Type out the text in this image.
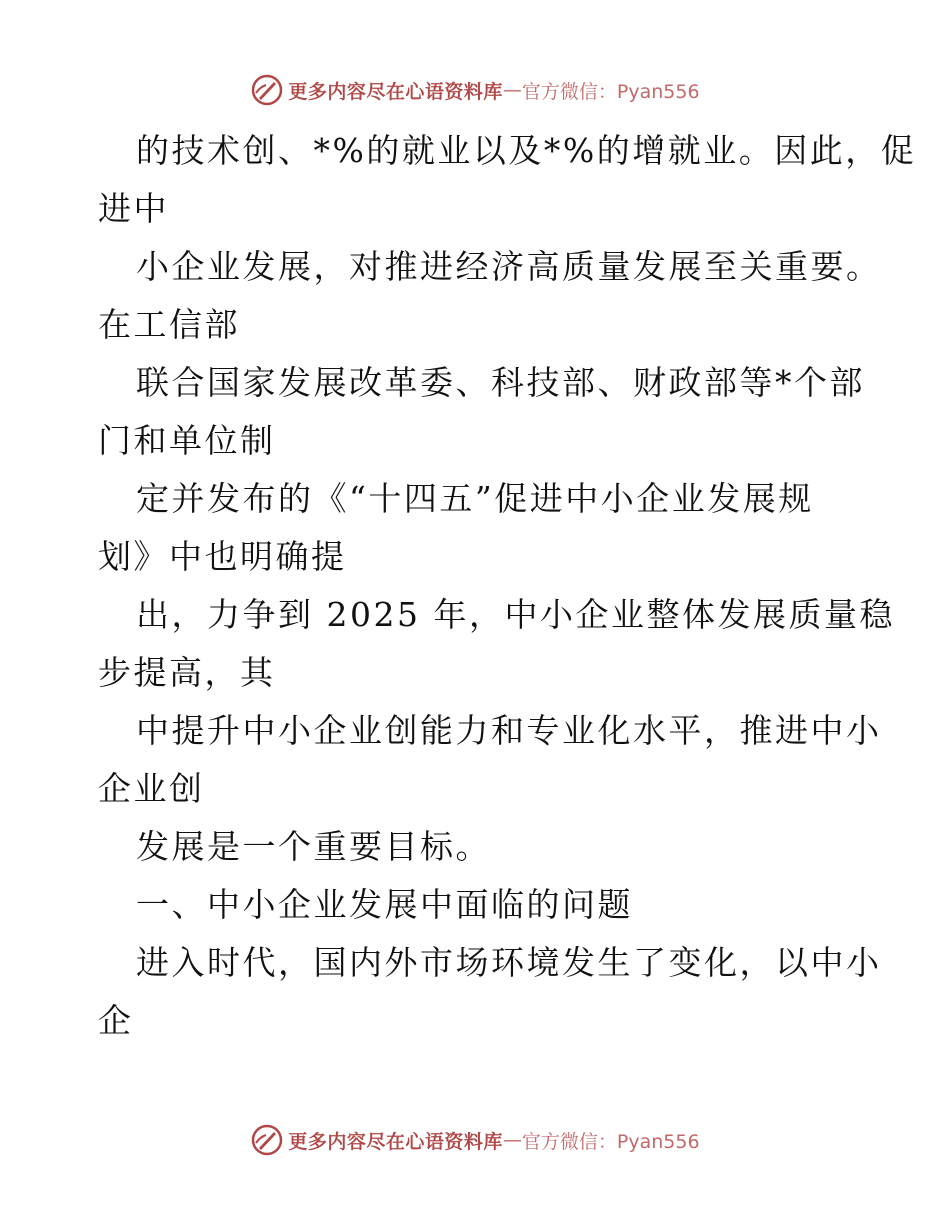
更多内容尽在心语资料库 — 官方微信：Pyan556
的技术创、*%的就业以及*%的增就业。因此，促
进中
小企业发展，对推进经济高质量发展至关重要。
在工信部
联合国家发展改革委、科技部、财政部等*个部
门和单位制
定并发布的《“十四五”促进中小企业发展规
划》中也明确提
出，力争到 2025 年，中小企业整体发展质量稳
步提高，其
中提升中小企业创能力和专业化水平，推进中小
企业创
发展是一个重要目标。
一、中小企业发展中面临的问题
进入时代，国内外市场环境发生了变化，以中小
企
更多内容尽在心语资料库 — 官方微信：Pyan556
